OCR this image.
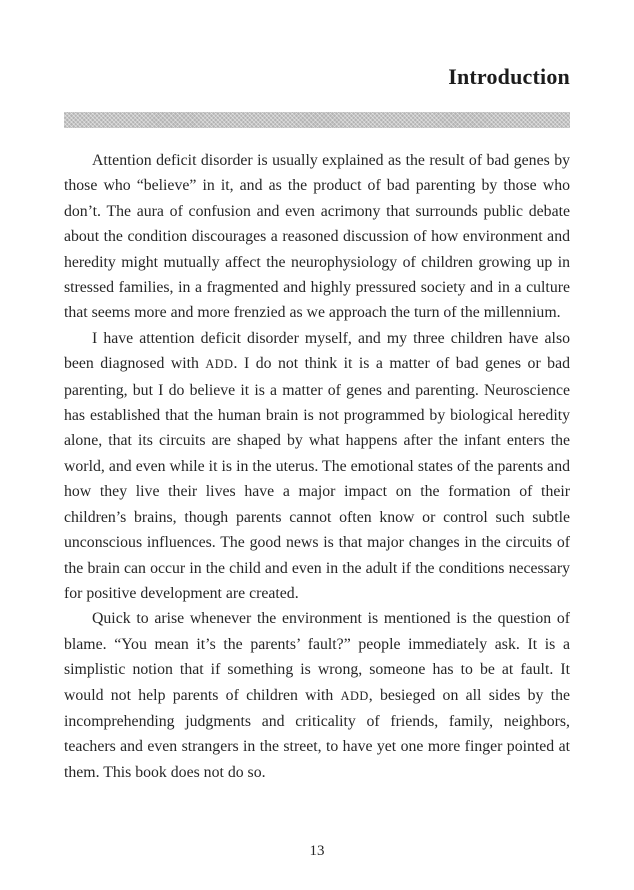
Introduction

Attention deficit disorder is usually explained as the result of bad genes by those who “believe” in it, and as the product of bad parenting by those who don’t. The aura of confusion and even acrimony that surrounds public debate about the condition discourages a reasoned discussion of how environment and heredity might mutually affect the neurophysiology of children growing up in stressed families, in a fragmented and highly pressured society and in a culture that seems more and more frenzied as we approach the turn of the millennium.

I have attention deficit disorder myself, and my three children have also been diagnosed with ADD. I do not think it is a matter of bad genes or bad parenting, but I do believe it is a matter of genes and parenting. Neuroscience has established that the human brain is not programmed by biological heredity alone, that its circuits are shaped by what happens after the infant enters the world, and even while it is in the uterus. The emotional states of the parents and how they live their lives have a major impact on the formation of their children’s brains, though parents cannot often know or control such subtle unconscious influences. The good news is that major changes in the circuits of the brain can occur in the child and even in the adult if the conditions necessary for positive development are created.

Quick to arise whenever the environment is mentioned is the question of blame. “You mean it’s the parents’ fault?” people immediately ask. It is a simplistic notion that if something is wrong, someone has to be at fault. It would not help parents of children with ADD, besieged on all sides by the incomprehending judgments and criticality of friends, family, neighbors, teachers and even strangers in the street, to have yet one more finger pointed at them. This book does not do so.

13
